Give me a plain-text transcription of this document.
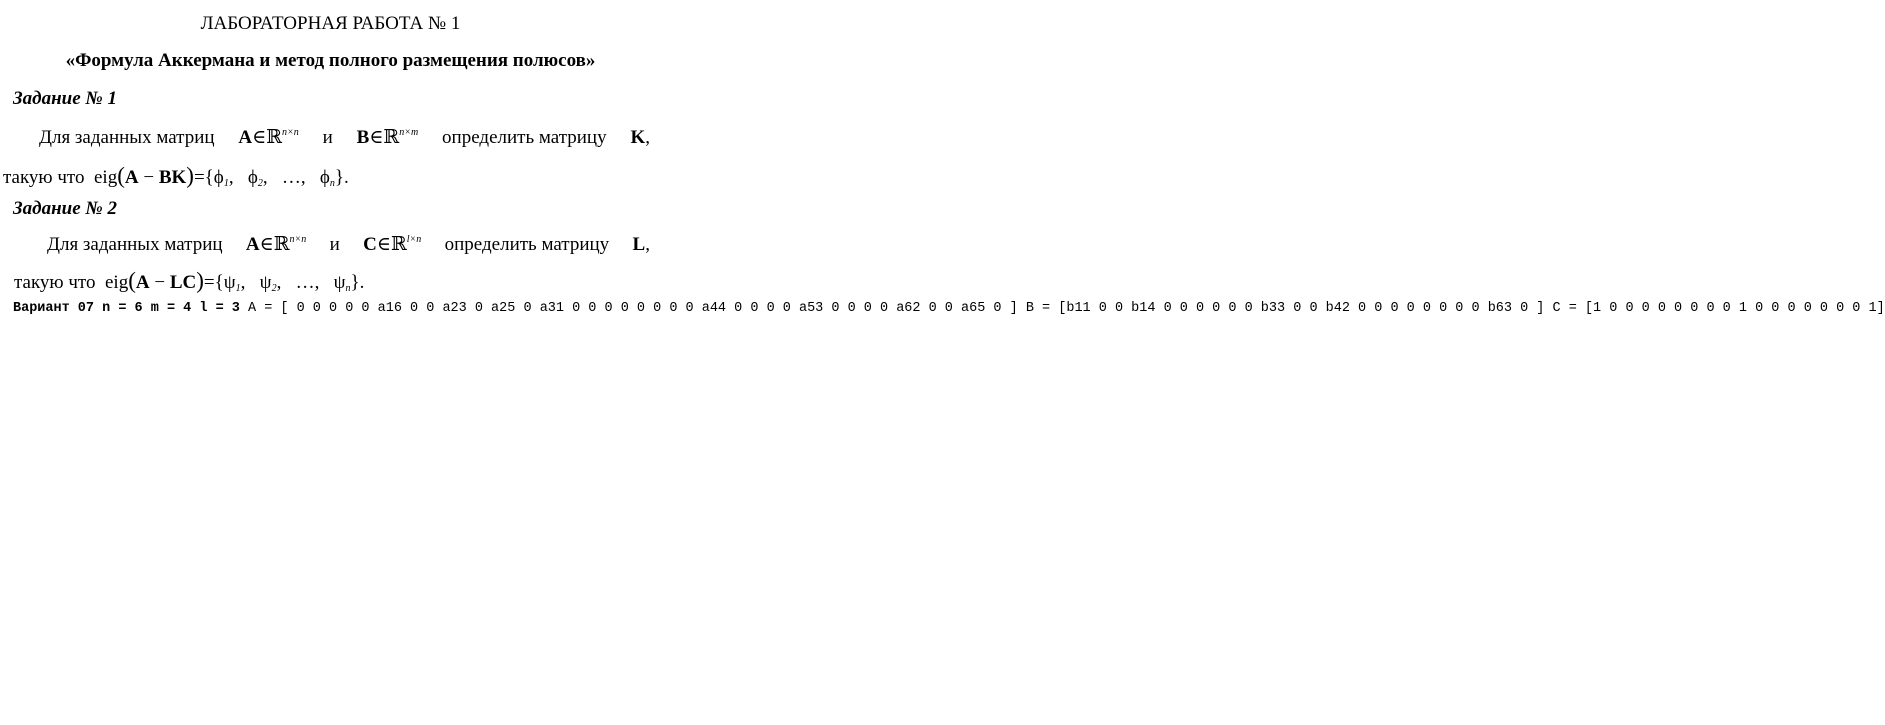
ЛАБОРАТОРНАЯ РАБОТА № 1
«Формула Аккермана и метод полного размещения полюсов»
Задание № 1
Для заданных матриц A∈ℝ$^{n\times n}$ и B∈ℝ$^{n\times m}$ определить матрицу K,
такую что $eig(A - BK)=\{\phi_1$,   $\phi_2$,   …, $\phi_n$}.
Задание № 2
Для заданных матриц A∈ℝ$^{n\times n}$ и C∈ℝ$^{l\times n}$ определить матрицу L,
такую что $eig(A - LC)=\{\psi_1$,   $\psi_2$,   …, $\psi_n$}.
Вариант 07 n = 6 m = 4 l = 3 A = [ 0 0 0 0 0 a16 0 0 a23 0 a25 0 a31 0 0 0 0 0 0 0 0 a44 0 0 0 0 a53 0 0 0 0 a62 0 0 a65 0 ] B = [b11 0 0 b14 0 0 0 0 0 0 b33 0 0 b42 0 0 0 0 0 0 0 0 b63 0 ] C = [1 0 0 0 0 0 0 0 0 1 0 0 0 0 0 0 0 1]
